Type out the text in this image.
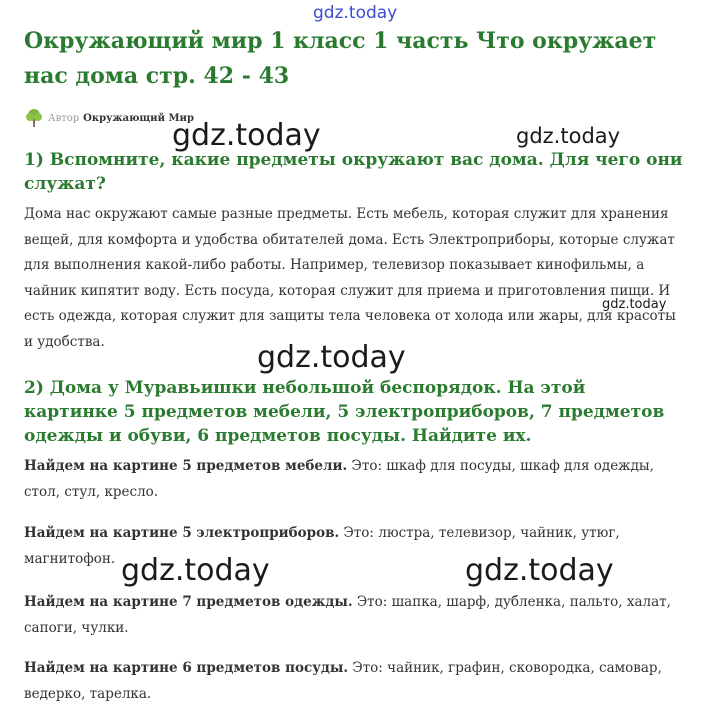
gdz.today
Окружающий мир 1 класс 1 часть Что окружает нас дома стр. 42 - 43
Автор Окружающий Мир
gdz.today	gdz.today
1) Вспомните, какие предметы окружают вас дома. Для чего они служат?

Дома нас окружают самые разные предметы. Есть мебель, которая служит для хранения вещей, для комфорта и удобства обитателей дома. Есть Электроприборы, которые служат для выполнения какой-либо работы. Например, телевизор показывает кинофильмы, а чайник кипятит воду. Есть посуда, которая служит для приема и приготовления пищи. И есть одежда, которая служит для защиты тела человека от холода или жары, для красоты и удобства.

gdz.today
gdz.today
2) Дома у Муравьишки небольшой беспорядок. На этой картинке 5 предметов мебели, 5 электроприборов, 7 предметов одежды и обуви, 6 предметов посуды. Найдите их.

Найдем на картине 5 предметов мебели. Это: шкаф для посуды, шкаф для одежды, стол, стул, кресло.

Найдем на картине 5 электроприборов. Это: люстра, телевизор, чайник, утюг, магнитофон. gdz.today	gdz.today

Найдем на картине 7 предметов одежды. Это: шапка, шарф, дубленка, пальто, халат, сапоги, чулки.

Найдем на картине 6 предметов посуды. Это: чайник, графин, сковородка, самовар, ведерко, тарелка.
